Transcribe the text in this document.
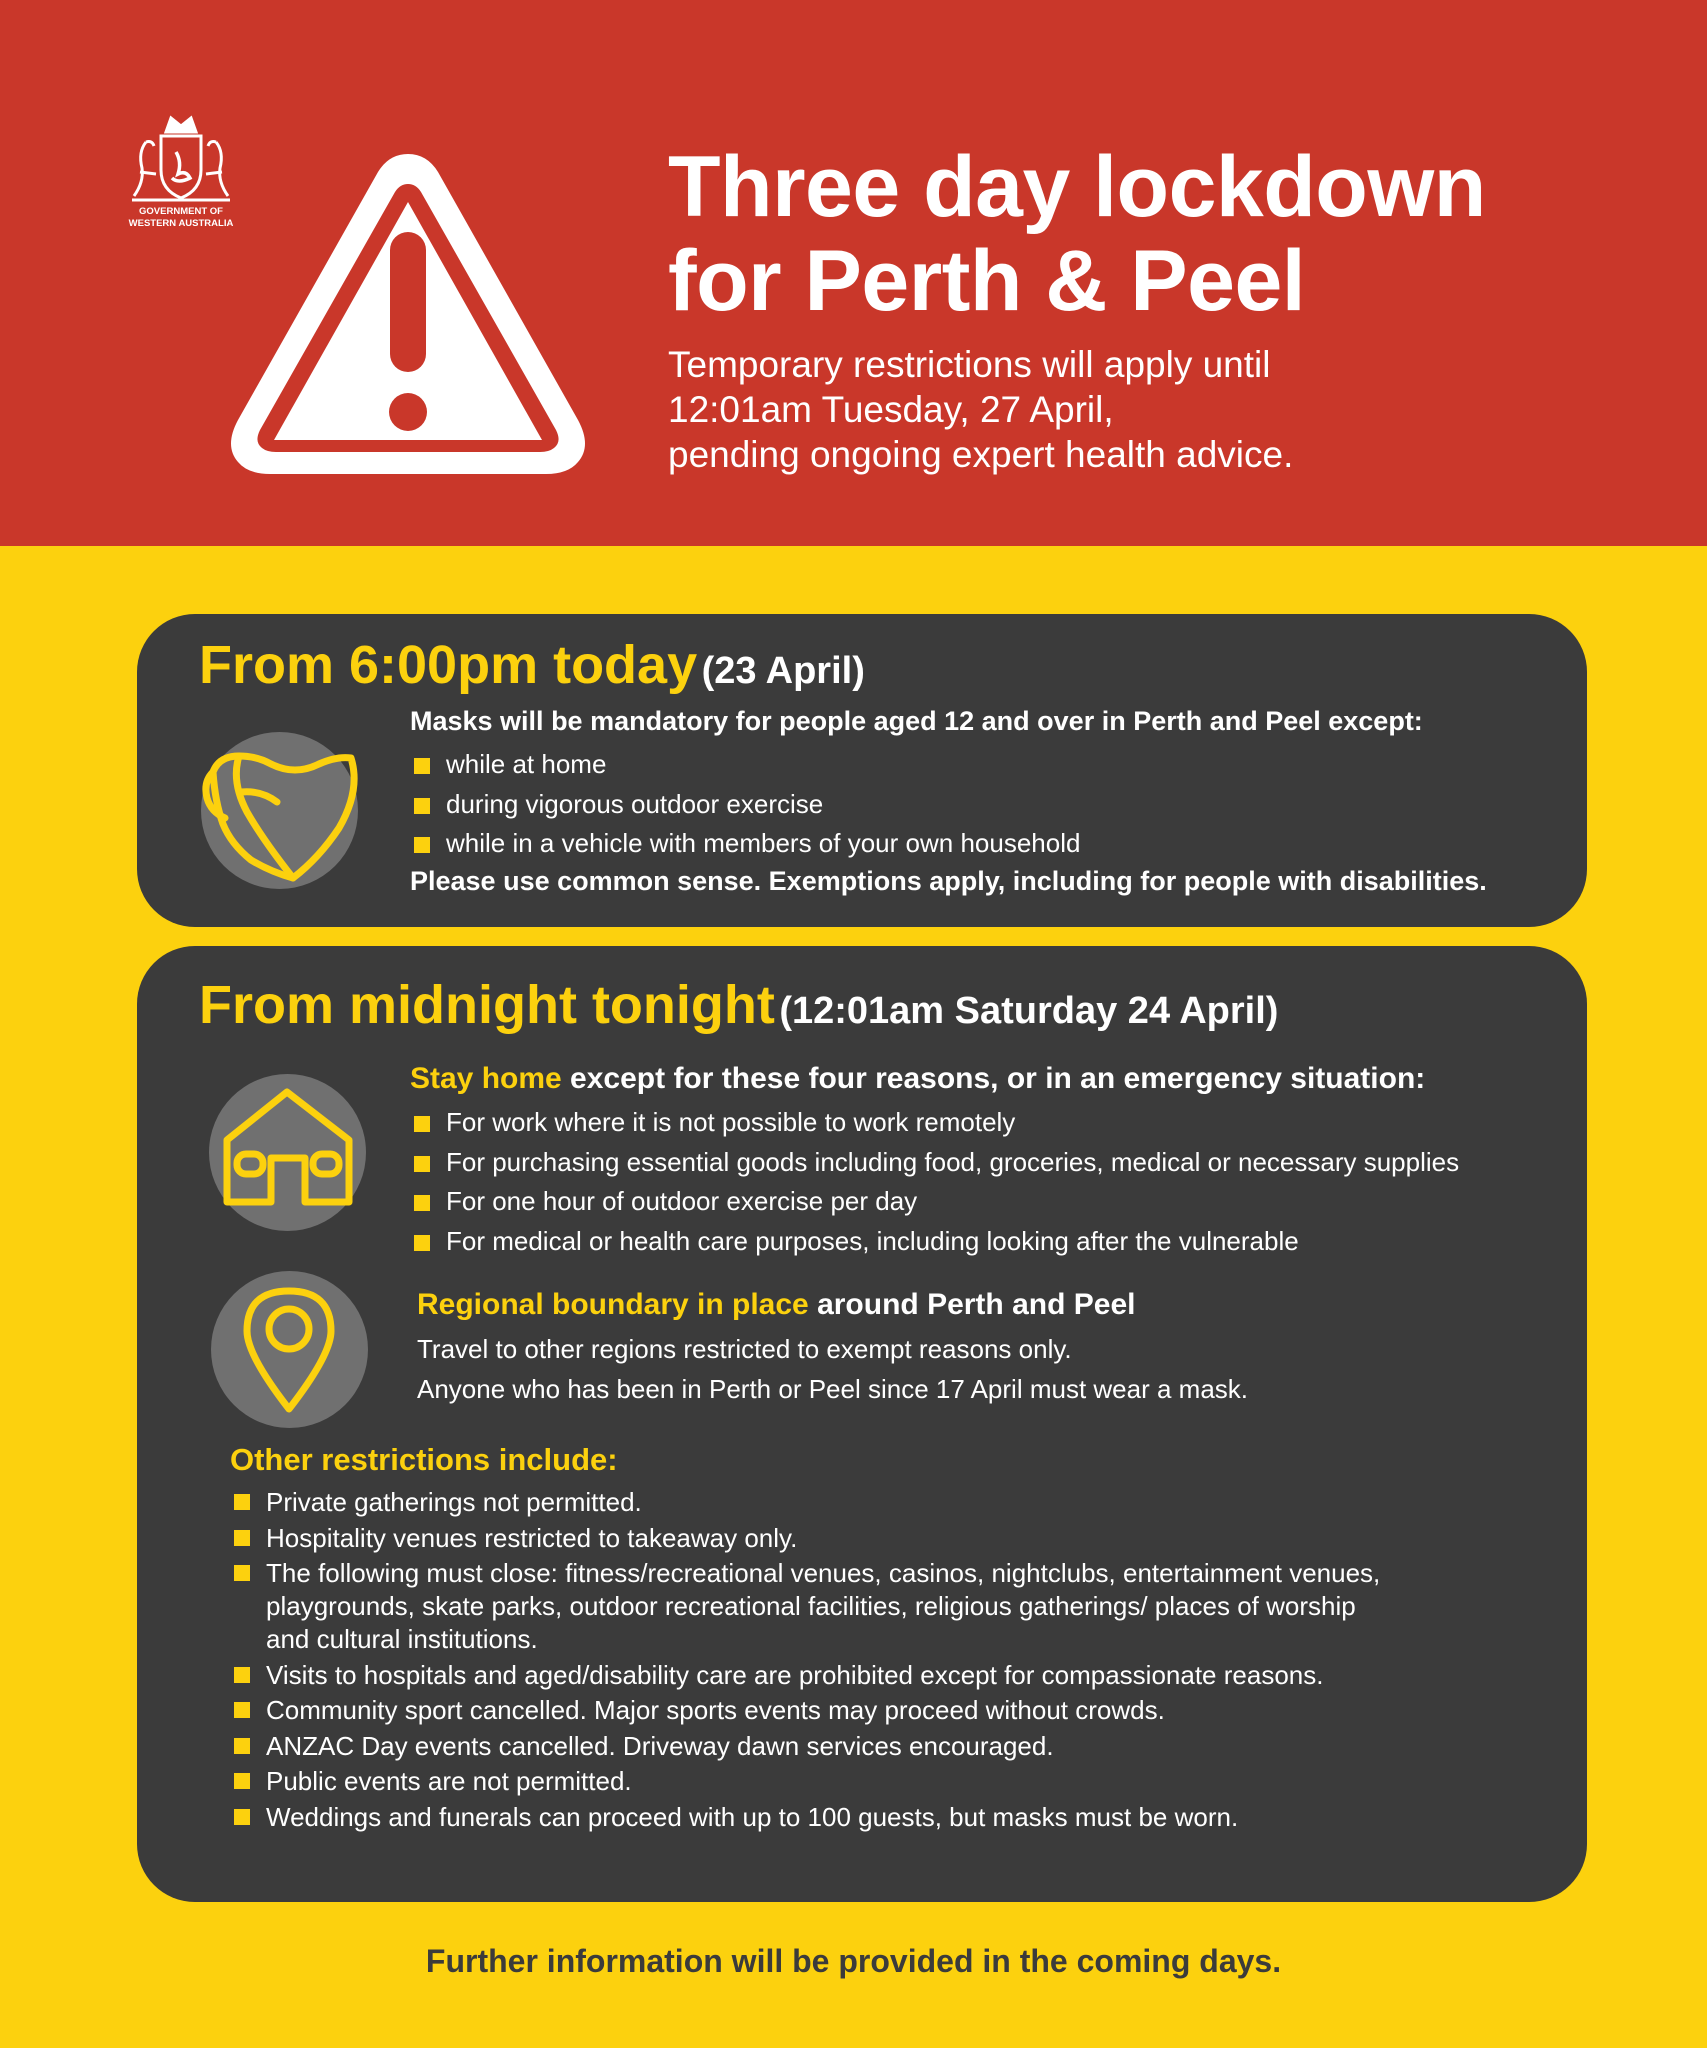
GOVERNMENT OF
WESTERN AUSTRALIA	Three day lockdown
for Perth & Peel

Temporary restrictions will apply until
12:01am Tuesday, 27 April,
pending ongoing expert health advice.

From 6:00pm today (23 April)

Masks will be mandatory for people aged 12 and over in Perth and Peel except:

while at home
during vigorous outdoor exercise
while in a vehicle with members of your own household

Please use common sense. Exemptions apply, including for people with disabilities.

From midnight tonight (12:01am Saturday 24 April)

Stay home except for these four reasons, or in an emergency situation:

For work where it is not possible to work remotely
For purchasing essential goods including food, groceries, medical or necessary supplies
For one hour of outdoor exercise per day
For medical or health care purposes, including looking after the vulnerable

Regional boundary in place around Perth and Peel

Travel to other regions restricted to exempt reasons only.

Anyone who has been in Perth or Peel since 17 April must wear a mask.

Other restrictions include:

Private gatherings not permitted.
Hospitality venues restricted to takeaway only.
The following must close: fitness/recreational venues, casinos, nightclubs, entertainment venues, playgrounds, skate parks, outdoor recreational facilities, religious gatherings/ places of worship and cultural institutions.
Visits to hospitals and aged/disability care are prohibited except for compassionate reasons.
Community sport cancelled. Major sports events may proceed without crowds.
ANZAC Day events cancelled. Driveway dawn services encouraged.
Public events are not permitted.
Weddings and funerals can proceed with up to 100 guests, but masks must be worn.

Further information will be provided in the coming days.
